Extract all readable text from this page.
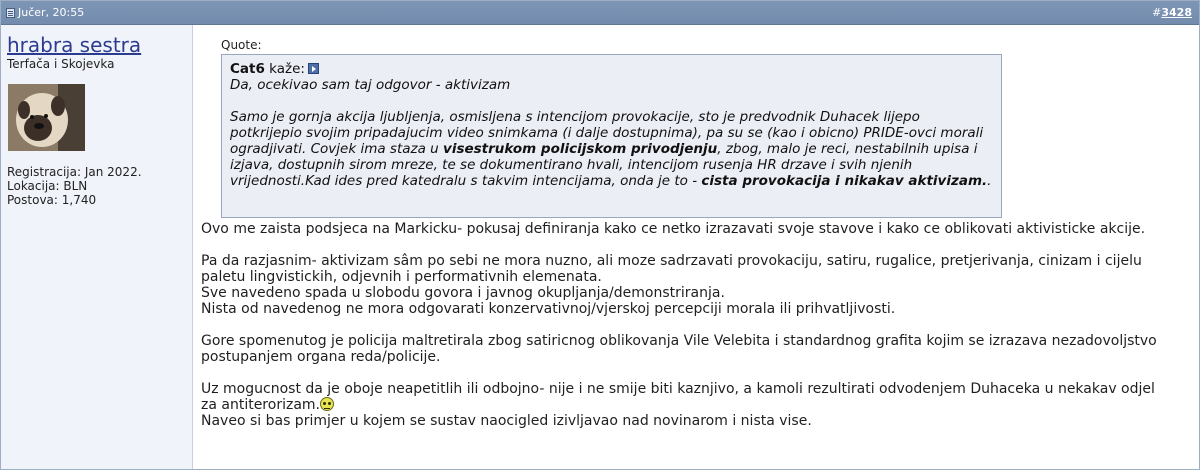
Jučer, 20:55	#3428
hrabra sestra
Terfača i Skojevka
Registracija: Jan 2022.
Lokacija: BLN
Postova: 1,740
Quote:
Cat6 kaže:
Da, ocekivao sam taj odgovor - aktivizam
Samo je gornja akcija ljubljenja, osmisljena s intencijom provokacije, sto je predvodnik Duhacek lijepo potkrijepio svojim pripadajucim video snimkama (i dalje dostupnima), pa su se (kao i obicno) PRIDE-ovci morali ogradjivati. Covjek ima staza u visestrukom policijskom privodjenju, zbog, malo je reci, nestabilnih upisa i izjava, dostupnih sirom mreze, te se dokumentirano hvali, intencijom rusenja HR drzave i svih njenih vrijednosti.Kad ides pred katedralu s takvim intencijama, onda je to - cista provokacija i nikakav aktivizam..

Ovo me zaista podsjeca na Markicku- pokusaj definiranja kako ce netko izrazavati svoje stavove i kako ce oblikovati aktivisticke akcije.

Pa da razjasnim- aktivizam sâm po sebi ne mora nuzno, ali moze sadrzavati provokaciju, satiru, rugalice, pretjerivanja, cinizam i cijelu paletu lingvistickih, odjevnih i performativnih elemenata.

Sve navedeno spada u slobodu govora i javnog okupljanja/demonstriranja.

Nista od navedenog ne mora odgovarati konzervativnoj/vjerskoj percepciji morala ili prihvatljivosti.

Gore spomenutog je policija maltretirala zbog satiricnog oblikovanja Vile Velebita i standardnog grafita kojim se izrazava nezadovoljstvo postupanjem organa reda/policije.

Uz mogucnost da je oboje neapetitlih ili odbojno- nije i ne smije biti kaznjivo, a kamoli rezultirati odvodenjem Duhaceka u nekakav odjel za antiterorizam.

Naveo si bas primjer u kojem se sustav naocigled izivljavao nad novinarom i nista vise.
